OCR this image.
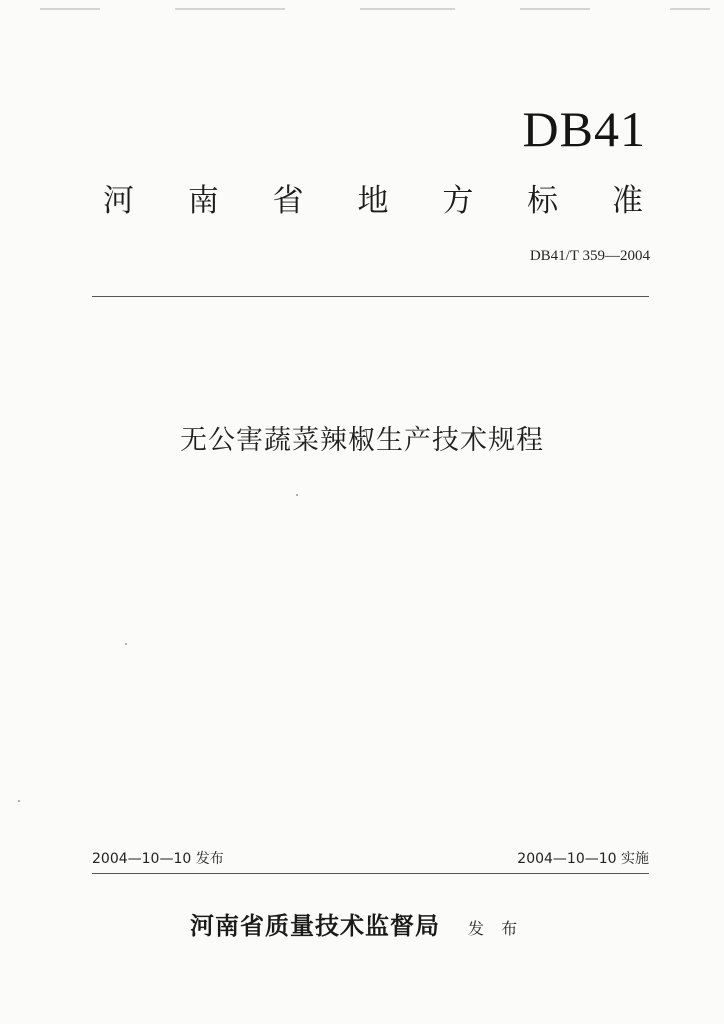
DB41
河 南 省 地 方 标 准
DB41/T 359—2004
无公害蔬菜辣椒生产技术规程
2004—10—10 发布	2004—10—10 实施
河南省质量技术监督局 发 布
